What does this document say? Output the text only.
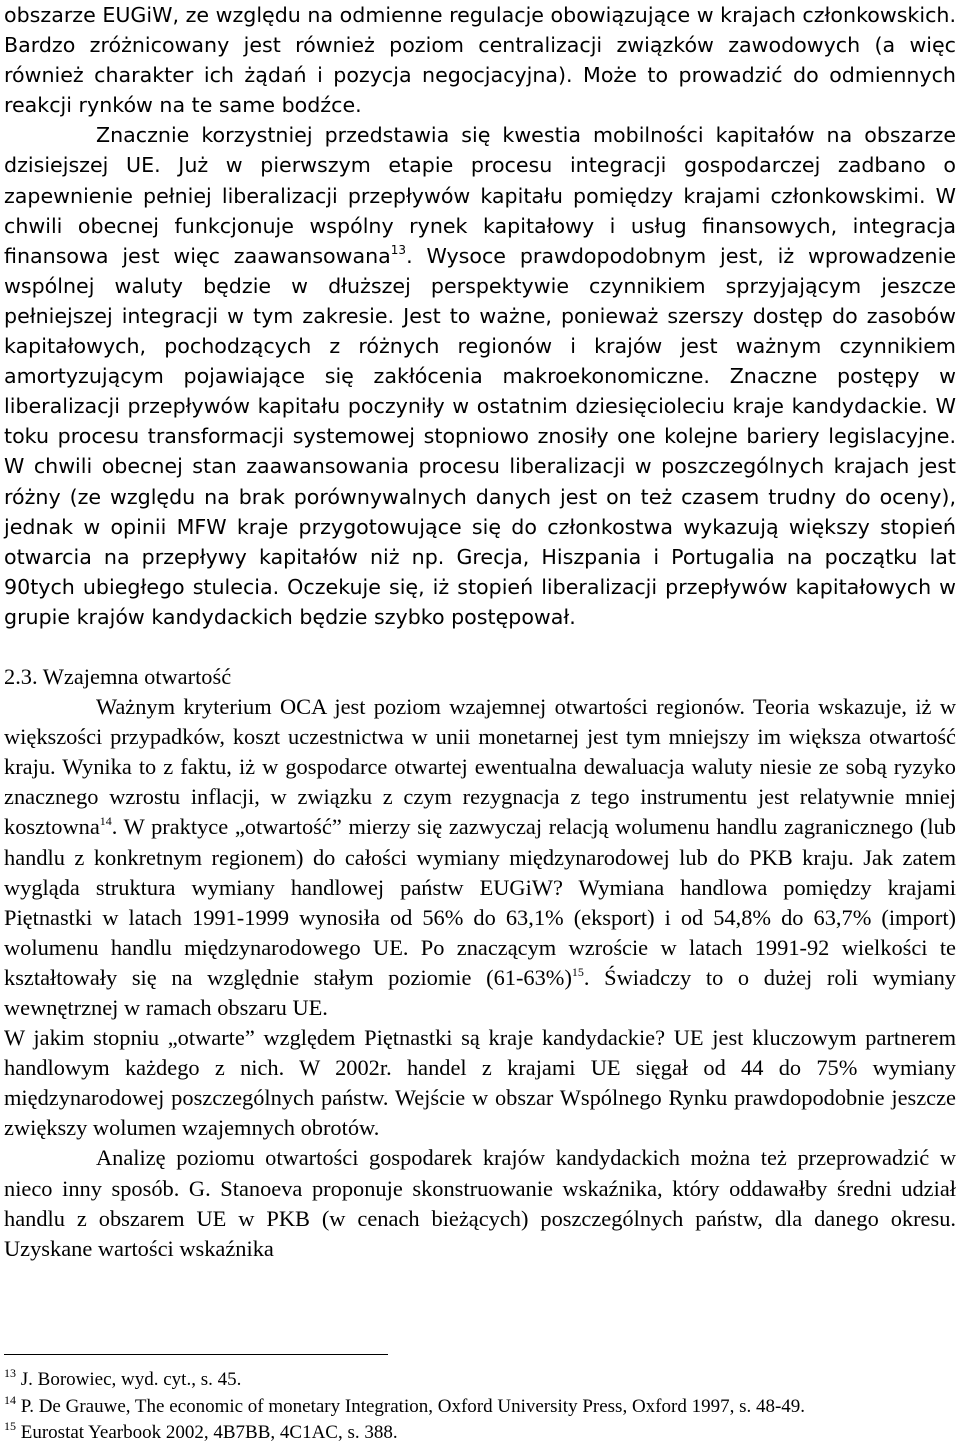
obszarze EUGiW, ze względu na odmienne regulacje obowiązujące w krajach członkowskich. Bardzo zróżnicowany jest również poziom centralizacji związków zawodowych (a więc również charakter ich żądań i pozycja negocjacyjna). Może to prowadzić do odmiennych reakcji rynków na te same bodźce.

Znacznie korzystniej przedstawia się kwestia mobilności kapitałów na obszarze dzisiejszej UE. Już w pierwszym etapie procesu integracji gospodarczej zadbano o zapewnienie pełniej liberalizacji przepływów kapitału pomiędzy krajami członkowskimi. W chwili obecnej funkcjonuje wspólny rynek kapitałowy i usług finansowych, integracja finansowa jest więc zaawansowana$^{13}$. Wysoce prawdopodobnym jest, iż wprowadzenie wspólnej waluty będzie w dłuższej perspektywie czynnikiem sprzyjającym jeszcze pełniejszej integracji w tym zakresie. Jest to ważne, ponieważ szerszy dostęp do zasobów kapitałowych, pochodzących z różnych regionów i krajów jest ważnym czynnikiem amortyzującym pojawiające się zakłócenia makroekonomiczne. Znaczne postępy w liberalizacji przepływów kapitału poczyniły w ostatnim dziesięcioleciu kraje kandydackie. W toku procesu transformacji systemowej stopniowo znosiły one kolejne bariery legislacyjne. W chwili obecnej stan zaawansowania procesu liberalizacji w poszczególnych krajach jest różny (ze względu na brak porównywalnych danych jest on też czasem trudny do oceny), jednak w opinii MFW kraje przygotowujące się do członkostwa wykazują większy stopień otwarcia na przepływy kapitałów niż np. Grecja, Hiszpania i Portugalia na początku lat 90tych ubiegłego stulecia. Oczekuje się, iż stopień liberalizacji przepływów kapitałowych w grupie krajów kandydackich będzie szybko postępował.

2.3. Wzajemna otwartość

Ważnym kryterium OCA jest poziom wzajemnej otwartości regionów. Teoria wskazuje, iż w większości przypadków, koszt uczestnictwa w unii monetarnej jest tym mniejszy im większa otwartość kraju. Wynika to z faktu, iż w gospodarce otwartej ewentualna dewaluacja waluty niesie ze sobą ryzyko znacznego wzrostu inflacji, w związku z czym rezygnacja z tego instrumentu jest relatywnie mniej kosztowna$^{14}$. W praktyce „otwartość” mierzy się zazwyczaj relacją wolumenu handlu zagranicznego (lub handlu z konkretnym regionem) do całości wymiany międzynarodowej lub do PKB kraju. Jak zatem wygląda struktura wymiany handlowej państw EUGiW? Wymiana handlowa pomiędzy krajami Piętnastki w latach 1991-1999 wynosiła od 56% do 63,1% (eksport) i od 54,8% do 63,7% (import) wolumenu handlu międzynarodowego UE. Po znaczącym wzroście w latach 1991-92 wielkości te kształtowały się na względnie stałym poziomie $(61-63\%)^{15}$. Świadczy to o dużej roli wymiany wewnętrznej w ramach obszaru UE.

W jakim stopniu „otwarte” względem Piętnastki są kraje kandydackie? UE jest kluczowym partnerem handlowym każdego z nich. W 2002r. handel z krajami UE sięgał od 44 do 75% wymiany międzynarodowej poszczególnych państw. Wejście w obszar Wspólnego Rynku prawdopodobnie jeszcze zwiększy wolumen wzajemnych obrotów.

Analizę poziomu otwartości gospodarek krajów kandydackich można też przeprowadzić w nieco inny sposób. G. Stanoeva proponuje skonstruowanie wskaźnika, który oddawałby średni udział handlu z obszarem UE w PKB (w cenach bieżących) poszczególnych państw, dla danego okresu. Uzyskane wartości wskaźnika

$^{13}$ J. Borowiec, wyd. cyt., s. 45.

$^{14}$ P. De Grauwe, The economic of monetary Integration, Oxford University Press, Oxford 1997, s. 48-49.

$^{15}$ Eurostat Yearbook 2002, 4B7BB, 4C1AC, s. 388.
